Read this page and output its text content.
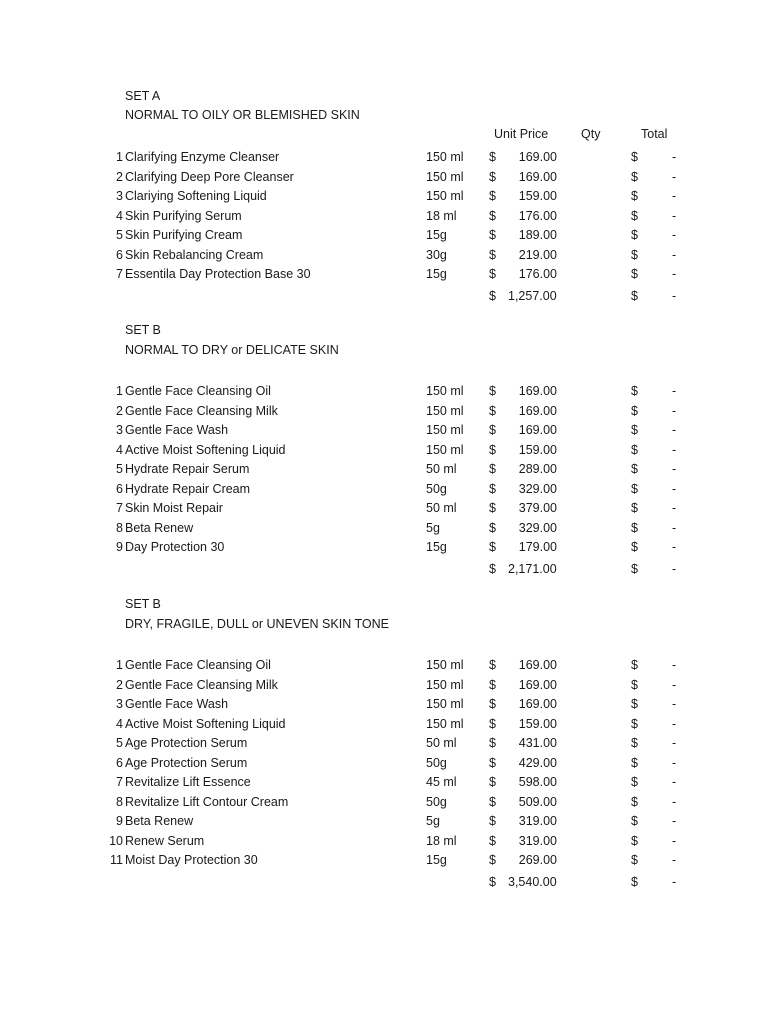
Unit Price	Qty	Total
SET A
NORMAL TO OILY OR BLEMISHED SKIN
1 Clarifying Enzyme Cleanser	150 ml $ 169.00	$	-
2 Clarifying Deep Pore Cleanser	150 ml $ 169.00	$	-
3 Clariying Softening Liquid	150 ml $ 159.00	$	-
4 Skin Purifying Serum	18 ml	$ 176.00	$	-
5 Skin Purifying Cream	15g	$ 189.00	$	-
6 Skin Rebalancing Cream	30g	$ 219.00	$	-
7 Essentila Day Protection Base 30	15g	$ 176.00	$	-
$ 1,257.00	$	-
SET B
NORMAL TO DRY or DELICATE SKIN
1 Gentle Face Cleansing Oil	150 ml $ 169.00	$	-
2 Gentle Face Cleansing Milk	150 ml $ 169.00	$	-
3 Gentle Face Wash	150 ml $ 169.00	$	-
4 Active Moist Softening Liquid	150 ml $ 159.00	$	-
5 Hydrate Repair Serum	50 ml	$ 289.00	$	-
6 Hydrate Repair Cream	50g	$ 329.00	$	-
7 Skin Moist Repair	50 ml	$ 379.00	$	-
8 Beta Renew	5g	$ 329.00	$	-
9 Day Protection 30	15g	$ 179.00	$	-
$ 2,171.00	$	-
SET B
DRY, FRAGILE, DULL or UNEVEN SKIN TONE
1 Gentle Face Cleansing Oil	150 ml $ 169.00	$	-
2 Gentle Face Cleansing Milk	150 ml $ 169.00	$	-
3 Gentle Face Wash	150 ml $ 169.00	$	-
4 Active Moist Softening Liquid	150 ml $ 159.00	$	-
5 Age Protection Serum	50 ml	$ 431.00	$	-
6 Age Protection Serum	50g	$ 429.00	$	-
7 Revitalize Lift Essence	45 ml	$ 598.00	$	-
8 Revitalize Lift Contour Cream	50g	$ 509.00	$	-
9 Beta Renew	5g	$ 319.00	$	-
10 Renew Serum	18 ml	$ 319.00	$	-
11 Moist Day Protection 30	15g	$ 269.00	$	-
$ 3,540.00	$	-
